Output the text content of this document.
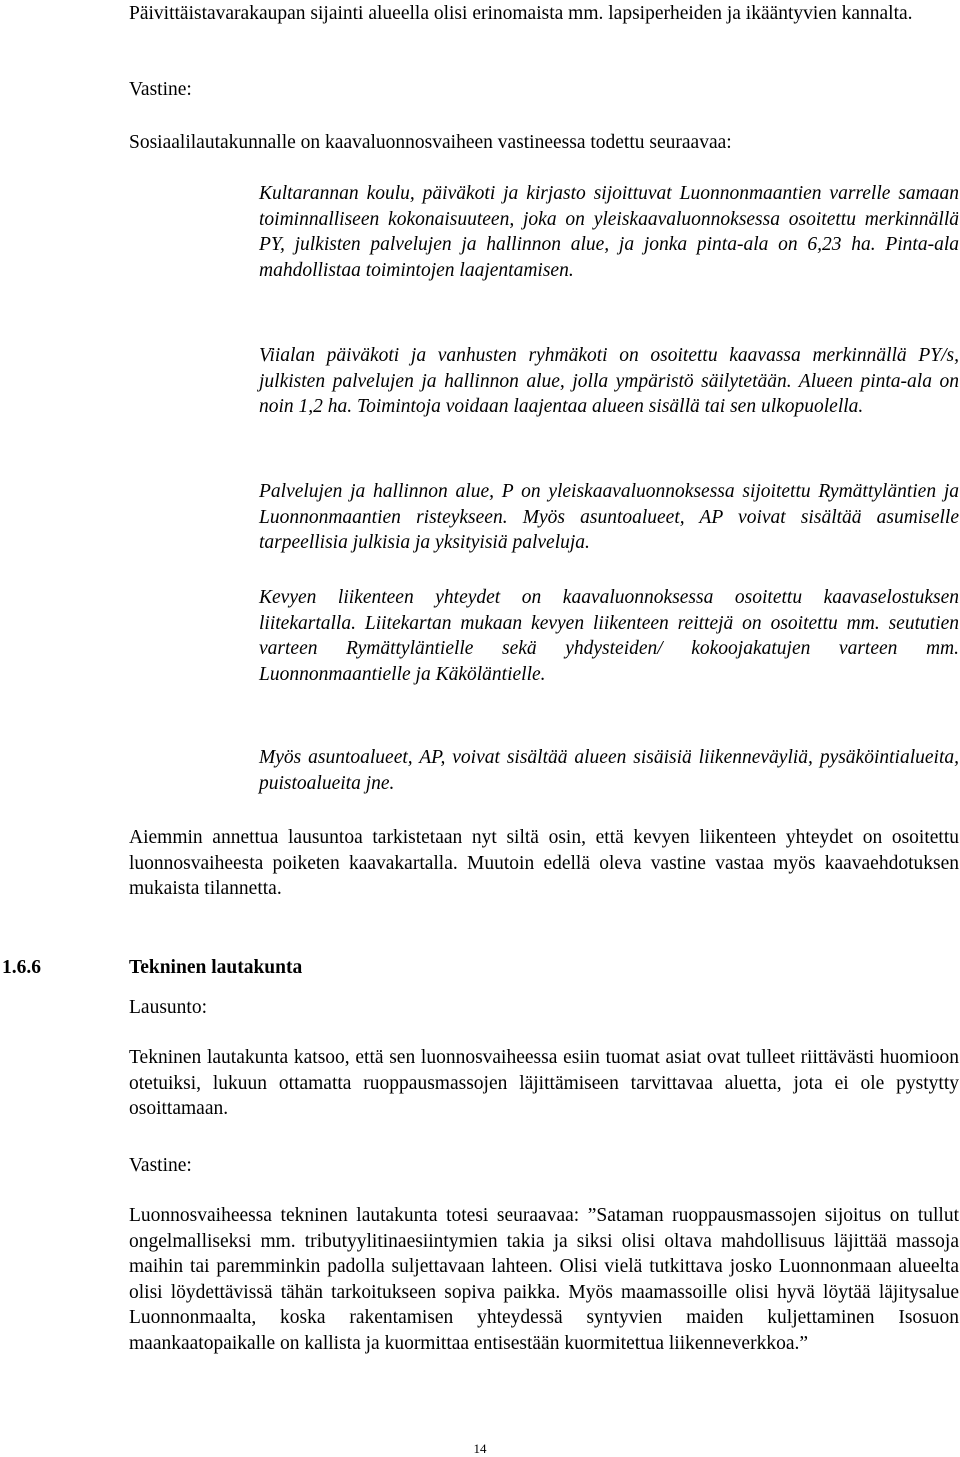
Päivittäistavarakaupan sijainti alueella olisi erinomaista mm. lapsiperheiden ja ikääntyvien kannalta.

Vastine:

Sosiaalilautakunnalle on kaavaluonnosvaiheen vastineessa todettu seuraavaa:

Kultarannan koulu, päiväkoti ja kirjasto sijoittuvat Luonnonmaantien varrelle samaan toiminnalliseen kokonaisuuteen, joka on yleiskaavaluonnoksessa osoitettu merkinnällä PY, julkisten palvelujen ja hallinnon alue, ja jonka pinta-ala on 6,23 ha. Pinta-ala mahdollistaa toimintojen laajentamisen.

Viialan päiväkoti ja vanhusten ryhmäkoti on osoitettu kaavassa merkinnällä PY/s, julkisten palvelujen ja hallinnon alue, jolla ympäristö säilytetään. Alueen pinta-ala on noin 1,2 ha. Toimintoja voidaan laajentaa alueen sisällä tai sen ulkopuolella.

Palvelujen ja hallinnon alue, P on yleiskaavaluonnoksessa sijoitettu Rymättyläntien ja Luonnonmaantien risteykseen. Myös asuntoalueet, AP voivat sisältää asumiselle tarpeellisia julkisia ja yksityisiä palveluja.

Kevyen liikenteen yhteydet on kaavaluonnoksessa osoitettu kaavaselostuksen liitekartalla. Liitekartan mukaan kevyen liikenteen reittejä on osoitettu mm. seututien varteen Rymättyläntielle sekä yhdysteiden/ kokoojakatujen varteen mm. Luonnonmaantielle ja Käköläntielle.

Myös asuntoalueet, AP, voivat sisältää alueen sisäisiä liikenneväyliä, pysäköintialueita, puistoalueita jne.

Aiemmin annettua lausuntoa tarkistetaan nyt siltä osin, että kevyen liikenteen yhteydet on osoitettu luonnosvaiheesta poiketen kaavakartalla. Muutoin edellä oleva vastine vastaa myös kaavaehdotuksen mukaista tilannetta.

1.6.6	Tekninen lautakunta

Lausunto:

Tekninen lautakunta katsoo, että sen luonnosvaiheessa esiin tuomat asiat ovat tulleet riittävästi huomioon otetuiksi, lukuun ottamatta ruoppausmassojen läjittämiseen tarvittavaa aluetta, jota ei ole pystytty osoittamaan.

Vastine:

Luonnosvaiheessa tekninen lautakunta totesi seuraavaa: ”Sataman ruoppausmassojen sijoitus on tullut ongelmalliseksi mm. tributyylitinaesiintymien takia ja siksi olisi oltava mahdollisuus läjittää massoja maihin tai paremminkin padolla suljettavaan lahteen. Olisi vielä tutkittava josko Luonnonmaan alueelta olisi löydettävissä tähän tarkoitukseen sopiva paikka. Myös maamassoille olisi hyvä löytää läjitysalue Luonnonmaalta, koska rakentamisen yhteydessä syntyvien maiden kuljettaminen Isosuon maankaatopaikalle on kallista ja kuormittaa entisestään kuormitettua liikenneverkkoa.”

14
